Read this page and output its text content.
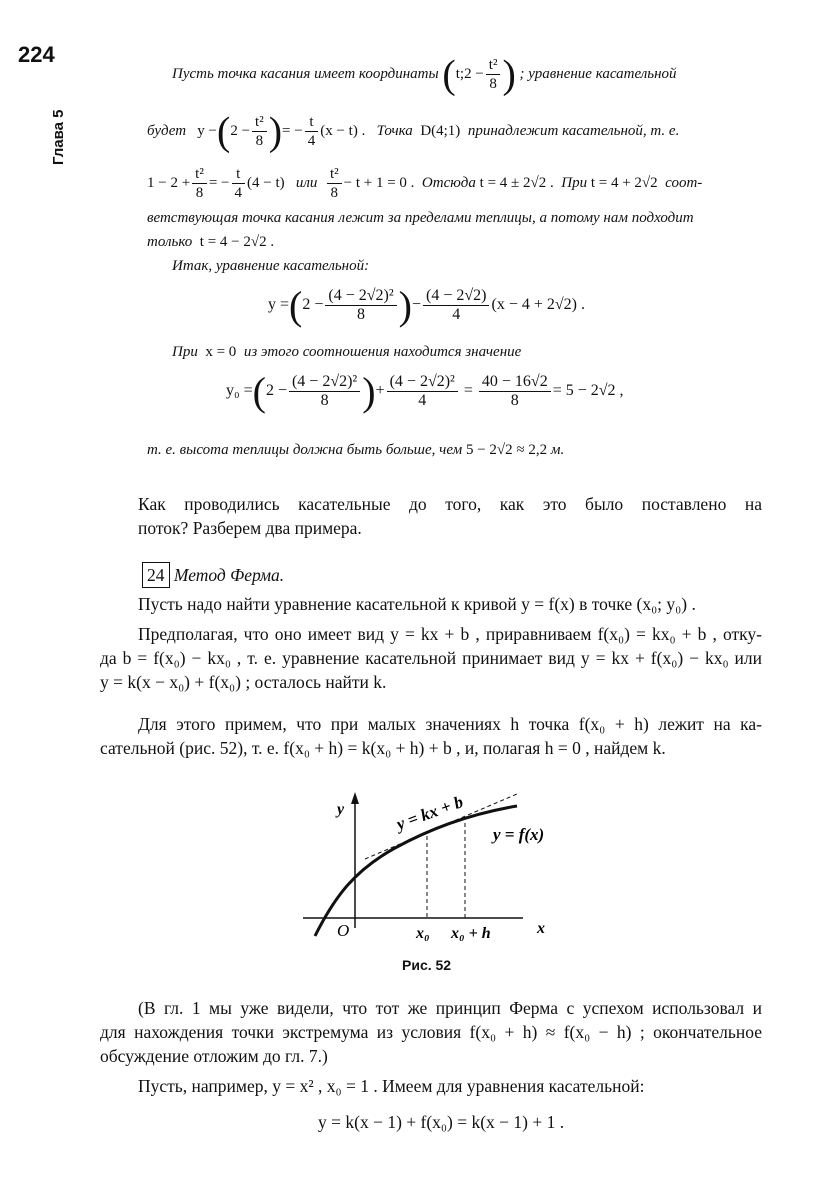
224
Глава 5
Пусть точка касания имеет координаты (t;2 − $\frac{\text{t²}}{8}$ ) ; уравнение касательной
будет $y -(2 - \frac{\text{t²}}{8}$ )= − $\frac{t}{4} (x - t)$ . Точка D(4;1) принадлежит касательной, т. е.
$1 - 2 + \frac{\text{t²}}{8}$ = − $\frac{t}{4} (4 - t)$ или $\frac{\text{t²}}{8} - t + 1 = 0$ . Отсюда t = 4 ± 2√2 . При t = 4 + 2√2 соот-
ветствующая точка касания лежит за пределами теплицы, а потому нам подходит
только t = 4 − 2√2 .
Итак, уравнение касательной:
$y =(2 - \frac{\text{(4 − 2√2)²}}{8}$ )− $\frac{(4 - 2√2)}{4} (x - 4 + 2√2)$ .
При x = 0 из этого соотношения находится значение
$y_0 =(2 - \frac{\text{(4 − 2√2)²}}{8}$ )+ $\frac{\text{(4 − 2√2)²}}{4} = \frac{40 - 16√2}{8} = 5 - 2√2$ ,
т. е. высота теплицы должна быть больше, чем 5 − 2√2 ≈ 2,2 м.

Как проводились касательные до того, как это было поставлено на

поток? Разберем два примера.

24 Метод Ферма.

Пусть надо найти уравнение касательной к кривой y = f(x) в точке (x₀; y₀) .

Предполагая, что оно имеет вид y = kx + b , приравниваем f(x₀) = kx₀ + b , отку-

да b = f(x₀) − kx₀ , т. е. уравнение касательной принимает вид y = kx + f(x₀) − kx₀ или

y = k(x − x₀) + f(x₀) ; осталось найти k.

Для этого примем, что при малых значениях h точка f(x₀ + h) лежит на ка-

сательной (рис. 52), т. е. f(x₀ + h) = k(x₀ + h) + b , и, полагая h = 0 , найдем k.

y
x
O
y = kx + b
y = f(x)
x₀ x₀ + h
Рис. 52

(В гл. 1 мы уже видели, что тот же принцип Ферма с успехом использовал и

для нахождения точки экстремума из условия f(x₀ + h) ≈ f(x₀ − h) ; окончательное

обсуждение отложим до гл. 7.)

Пусть, например, y = x² , x₀ = 1 . Имеем для уравнения касательной:

y = k(x − 1) + f(x₀) = k(x − 1) + 1 .
